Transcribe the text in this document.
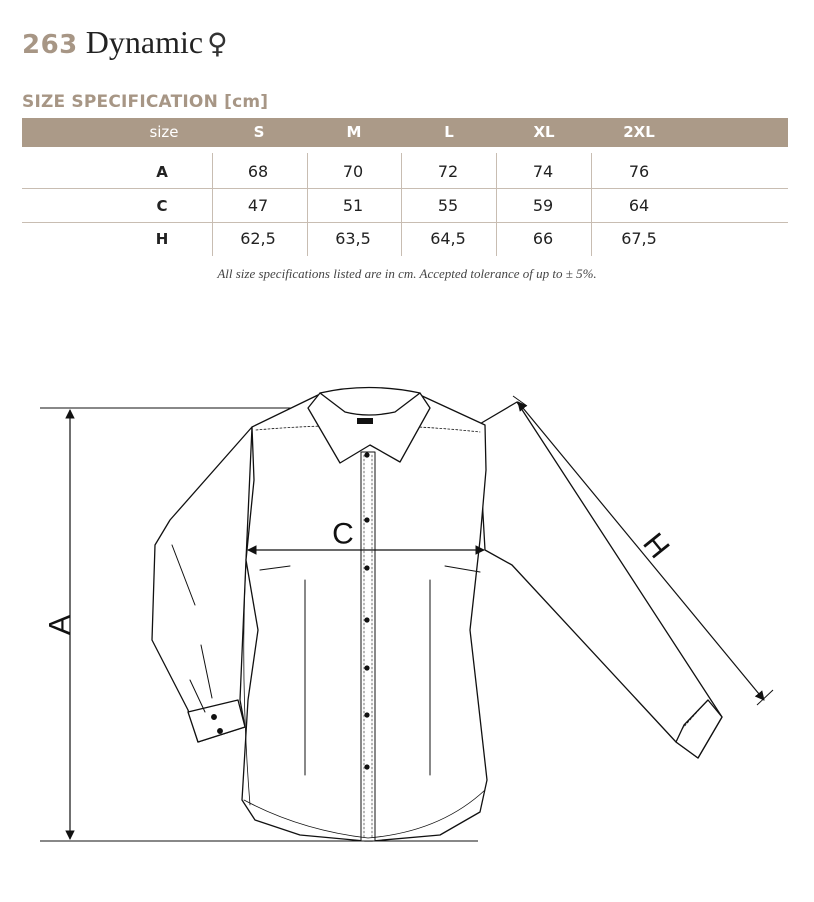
263 Dynamic ♀
SIZE SPECIFICATION [cm]
size	S	M	L	XL	2XL
A	68	70	72	74	76
C	47	51	55	59	64
H	62,5	63,5	64,5	66	67,5
All size specifications listed are in cm. Accepted tolerance of up to ± 5%.
A
C	H
